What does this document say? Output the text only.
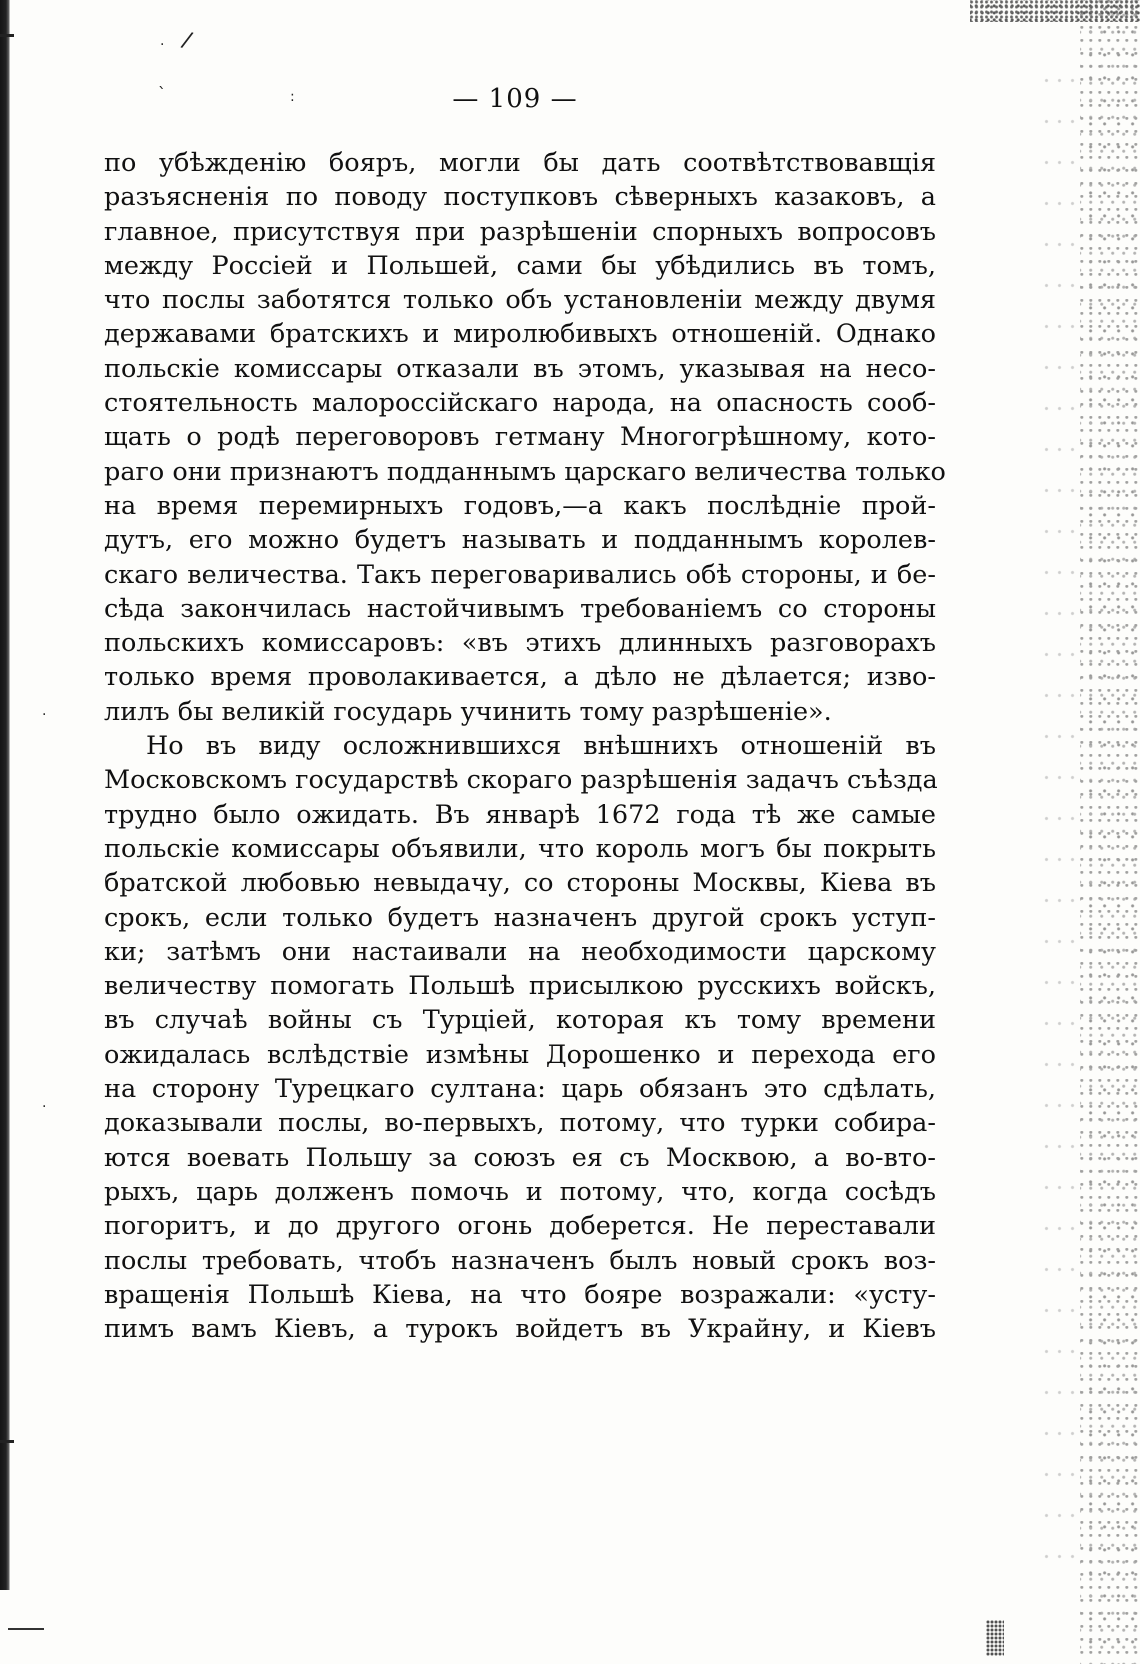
/
·
`	:
·
·
— 109 —
по убѣжденію бояръ, могли бы дать соотвѣтствовавщія
разъясненія по поводу поступковъ сѣверныхъ казаковъ, а
главное, присутствуя при разрѣшеніи спорныхъ вопросовъ
между Россіей и Польшей, сами бы убѣдились въ томъ,
что послы заботятся только объ установленіи между двумя
державами братскихъ и миролюбивыхъ отношеній. Однако
польскіе комиссары отказали въ этомъ, указывая на несо-
стоятельность малороссійскаго народа, на опасность сооб-
щать о родѣ переговоровъ гетману Многогрѣшному, кото-
раго они признаютъ подданнымъ царскаго величества только
на время перемирныхъ годовъ,—а какъ послѣдніе прой-
дутъ, его можно будетъ называть и подданнымъ королев-
скаго величества. Такъ переговаривались обѣ стороны, и бе-
сѣда закончилась настойчивымъ требованіемъ со стороны
польскихъ комиссаровъ: «въ этихъ длинныхъ разговорахъ
только время проволакивается, а дѣло не дѣлается; изво-
лилъ бы великій государь учинить тому разрѣшеніе».
Но въ виду осложнившихся внѣшнихъ отношеній въ
Московскомъ государствѣ скораго разрѣшенія задачъ съѣзда
трудно было ожидать. Въ январѣ 1672 года тѣ же самые
польскіе комиссары объявили, что король могъ бы покрыть
братской любовью невыдачу, со стороны Москвы, Кіева въ
срокъ, если только будетъ назначенъ другой срокъ уступ-
ки; затѣмъ они настаивали на необходимости царскому
величеству помогать Польшѣ присылкою русскихъ войскъ,
въ случаѣ войны съ Турціей, которая къ тому времени
ожидалась вслѣдствіе измѣны Дорошенко и перехода его
на сторону Турецкаго султана: царь обязанъ это сдѣлать,
доказывали послы, во-первыхъ, потому, что турки собира-
ются воевать Польшу за союзъ ея съ Москвою, а во-вто-
рыхъ, царь долженъ помочь и потому, что, когда сосѣдъ
погоритъ, и до другого огонь доберется. Не переставали
послы требовать, чтобъ назначенъ былъ новый срокъ воз-
вращенія Польшѣ Кіева, на что бояре возражали: «усту-
пимъ вамъ Кіевъ, а турокъ войдетъ въ Украйну, и Кіевъ
